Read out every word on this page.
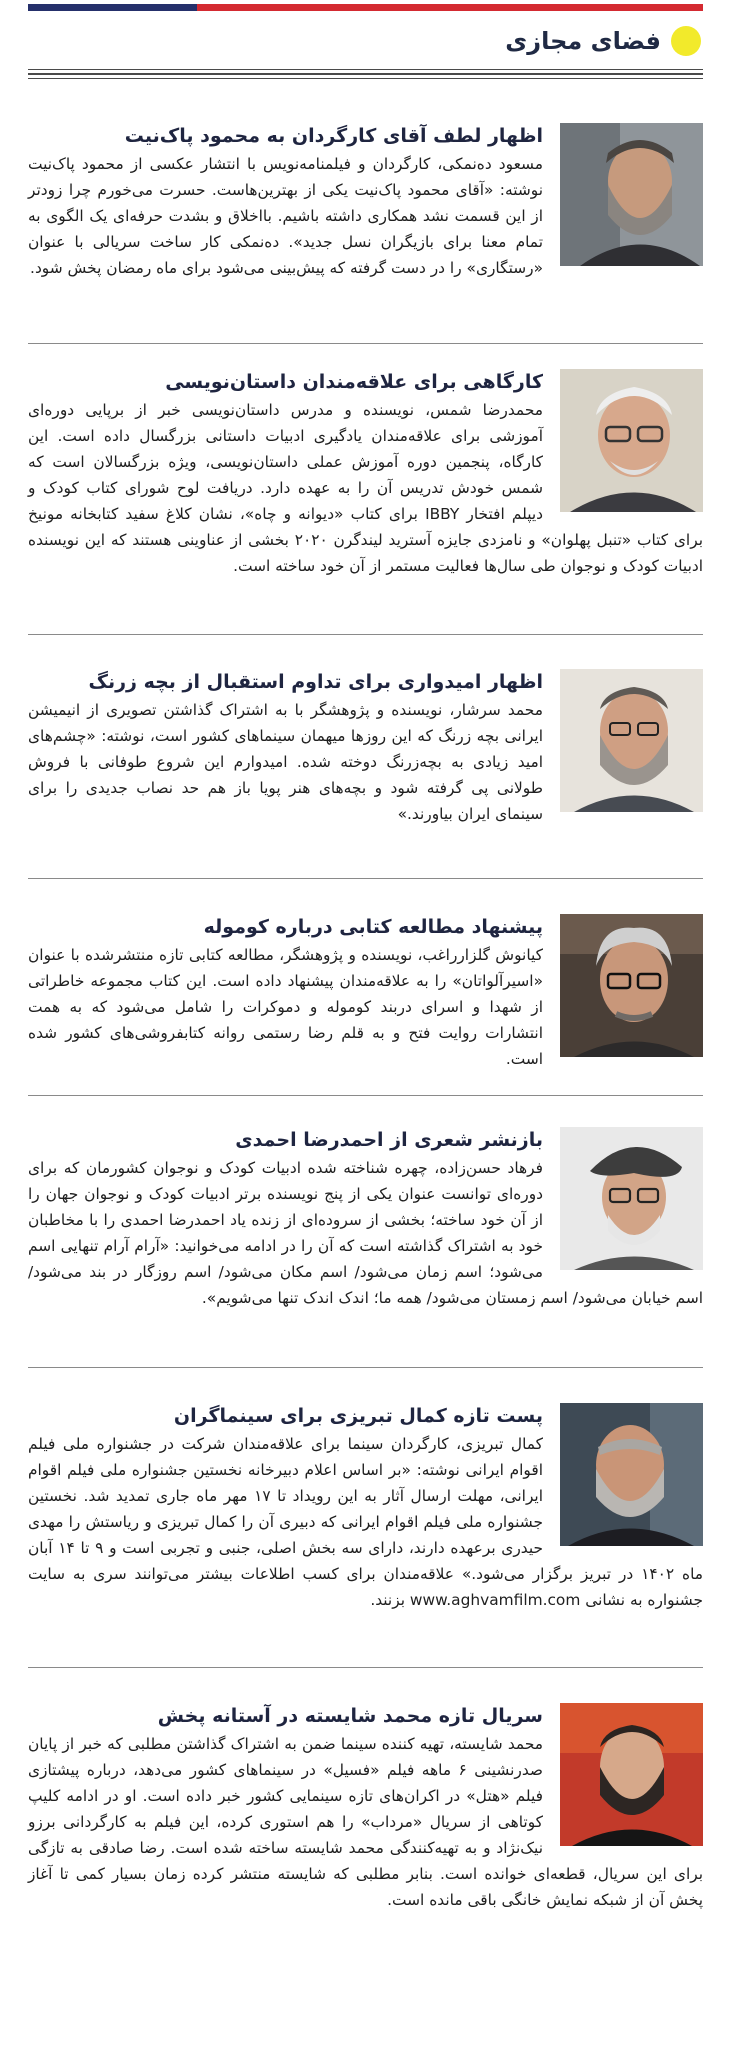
فضای مجازی
اظهار لطف آقای کارگردان به محمود پاک‌نیت

مسعود ده‌نمکی، کارگردان و فیلمنامه‌نویس با انتشار عکسی از محمود پاک‌نیت نوشته: «آقای محمود پاک‌نیت یکی از بهترین‌هاست. حسرت می‌خورم چرا زودتر از این قسمت نشد همکاری داشته باشیم. بااخلاق و بشدت حرفه‌ای یک الگوی به تمام معنا برای بازیگران نسل جدید». ده‌نمکی کار ساخت سریالی با عنوان «رستگاری» را در دست گرفته که پیش‌بینی می‌شود برای ماه رمضان پخش شود.

کارگاهی برای علاقه‌مندان داستان‌نویسی

محمدرضا شمس، نویسنده و مدرس داستان‌نویسی خبر از برپایی دوره‌ای آموزشی برای علاقه‌مندان یادگیری ادبیات داستانی بزرگسال داده است. این کارگاه، پنجمین دوره آموزش عملی داستان‌نویسی، ویژه بزرگسالان است که شمس خودش تدریس آن را به عهده دارد. دریافت لوح شورای کتاب کودک و دیپلم افتخار IBBY برای کتاب «دیوانه و چاه»، نشان کلاغ سفید کتابخانه مونیخ برای کتاب «تنبل پهلوان» و نامزدی جایزه آسترید لیندگرن ۲۰۲۰ بخشی از عناوینی هستند که این نویسنده ادبیات کودک و نوجوان طی سال‌ها فعالیت مستمر از آن خود ساخته است.

اظهار امیدواری برای تداوم استقبال از بچه زرنگ

محمد سرشار، نویسنده و پژوهشگر با به اشتراک گذاشتن تصویری از انیمیشن ایرانی بچه زرنگ که این روزها میهمان سینماهای کشور است، نوشته: «چشم‌های امید زیادی به بچه‌زرنگ دوخته شده. امیدوارم این شروع طوفانی با فروش طولانی پی گرفته شود و بچه‌های هنر پویا باز هم حد نصاب جدیدی را برای سینمای ایران بیاورند.»

پیشنهاد مطالعه کتابی درباره کوموله

کیانوش گلزارراغب، نویسنده و پژوهشگر، مطالعه کتابی تازه منتشرشده با عنوان «اسیرآلواتان» را به علاقه‌مندان پیشنهاد داده است. این کتاب مجموعه خاطراتی از شهدا و اسرای دربند کوموله و دموکرات را شامل می‌شود که به همت انتشارات روایت فتح و به قلم رضا رستمی روانه کتابفروشی‌های کشور شده است.

بازنشر شعری از احمدرضا احمدی

فرهاد حسن‌زاده، چهره شناخته شده ادبیات کودک و نوجوان کشورمان که برای دوره‌ای توانست عنوان یکی از پنج نویسنده برتر ادبیات کودک و نوجوان جهان را از آن خود ساخته؛ بخشی از سروده‌ای از زنده یاد احمدرضا احمدی را با مخاطبان خود به اشتراک گذاشته است که آن را در ادامه می‌خوانید: «آرام آرام تنهایی اسم می‌شود؛ اسم زمان می‌شود/ اسم مکان می‌شود/ اسم روزگار در بند می‌شود/ اسم خیابان می‌شود/ اسم زمستان می‌شود/ همه ما؛ اندک اندک تنها می‌شویم».

پست تازه کمال تبریزی برای سینماگران

کمال تبریزی، کارگردان سینما برای علاقه‌مندان شرکت در جشنواره ملی فیلم اقوام ایرانی نوشته: «بر اساس اعلام دبیرخانه نخستین جشنواره ملی فیلم اقوام ایرانی، مهلت ارسال آثار به این رویداد تا ۱۷ مهر ماه جاری تمدید شد. نخستین جشنواره ملی فیلم اقوام ایرانی که دبیری آن را کمال تبریزی و ریاستش را مهدی حیدری برعهده دارند، دارای سه بخش اصلی، جنبی و تجربی است و ۹ تا ۱۴ آبان ماه ۱۴۰۲ در تبریز برگزار می‌شود.» علاقه‌مندان برای کسب اطلاعات بیشتر می‌توانند سری به سایت جشنواره به نشانی www.aghvamfilm.com بزنند.

سریال تازه محمد شایسته در آستانه پخش

محمد شایسته، تهیه کننده سینما ضمن به اشتراک گذاشتن مطلبی که خبر از پایان صدرنشینی ۶ ماهه فیلم «فسیل» در سینماهای کشور می‌دهد، درباره پیشتازی فیلم «هتل» در اکران‌های تازه سینمایی کشور خبر داده است. او در ادامه کلیپ کوتاهی از سریال «مرداب» را هم استوری کرده، این فیلم به کارگردانی برزو نیک‌نژاد و به تهیه‌کنندگی محمد شایسته ساخته شده است. رضا صادقی به تازگی برای این سریال، قطعه‌ای خوانده است. بنابر مطلبی که شایسته منتشر کرده زمان بسیار کمی تا آغاز پخش آن از شبکه نمایش خانگی باقی مانده است.
